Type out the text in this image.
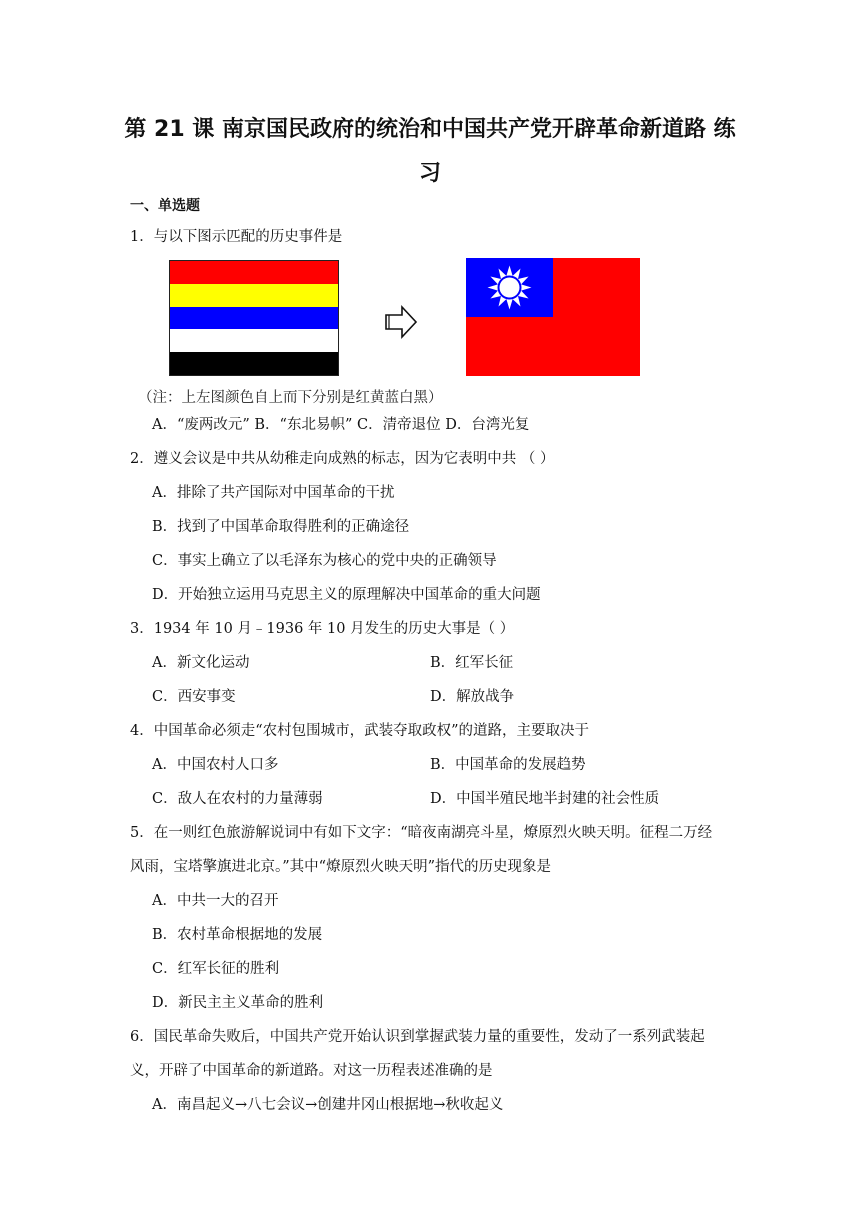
第 21 课 南京国民政府的统治和中国共产党开辟革命新道路 练
习
一、单选题
1．与以下图示匹配的历史事件是
（注：上左图颜色自上而下分别是红黄蓝白黑）
A．“废两改元” B．“东北易帜” C．清帝退位 D．台湾光复
2．遵义会议是中共从幼稚走向成熟的标志，因为它表明中共 （ ）
A．排除了共产国际对中国革命的干扰
B．找到了中国革命取得胜利的正确途径
C．事实上确立了以毛泽东为核心的党中央的正确领导
D．开始独立运用马克思主义的原理解决中国革命的重大问题
3．1934 年 10 月﹣1936 年 10 月发生的历史大事是（ ）
A．新文化运动	B．红军长征
C．西安事变	D．解放战争
4．中国革命必须走“农村包围城市，武装夺取政权”的道路，主要取决于
A．中国农村人口多	B．中国革命的发展趋势
C．敌人在农村的力量薄弱	D．中国半殖民地半封建的社会性质
5．在一则红色旅游解说词中有如下文字：“暗夜南湖亮斗星，燎原烈火映天明。征程二万经
风雨，宝塔擎旗进北京。”其中“燎原烈火映天明”指代的历史现象是
A．中共一大的召开
B．农村革命根据地的发展
C．红军长征的胜利
D．新民主主义革命的胜利
6．国民革命失败后，中国共产党开始认识到掌握武装力量的重要性，发动了一系列武装起
义，开辟了中国革命的新道路。对这一历程表述准确的是
A．南昌起义→八七会议→创建井冈山根据地→秋收起义
